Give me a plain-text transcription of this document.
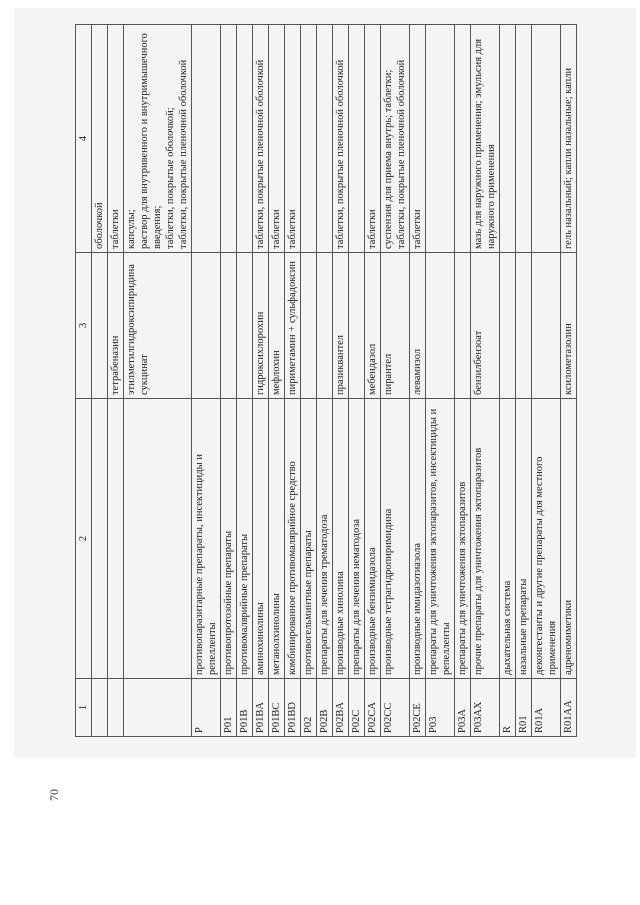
70
1	2	3	4

			оболочкой

		тетрабеназин	таблетки

		этилметилгидроксипиридина сукцинат	капсулы; раствор для внутривенного и внутримышечного введения; таблетки, покрытые оболочкой; таблетки, покрытые пленочной оболочкой

P	противопаразитарные препараты, инсектициды и репелленты		
P01	противопротозойные препараты		
P01B	противомалярийные препараты		
P01BA	аминохинолины	гидроксихлорохин	таблетки, покрытые пленочной оболочкой

P01BC	метанолхинолины	мефлохин	таблетки

P01BD	комбинированное противомалярийное средство	пириметамин + сульфадоксин	таблетки

P02	противогельминтные препараты		
P02B	препараты для лечения трематодоза		
P02BA	производные хинолина	празиквантел	таблетки, покрытые пленочной оболочкой

P02C	препараты для лечения нематодоза		
P02CA	производные бензимидазола	мебендазол	таблетки

P02CC	производные тетрагидропиримидина	пирантел	суспензия для приема внутрь; таблетки; таблетки, покрытые пленочной оболочкой

P02CE	производные имидазотиазола	левамизол	таблетки

P03	препараты для уничтожения эктопаразитов, инсектициды и репелленты		
P03A	препараты для уничтожения эктопаразитов		
P03AX	прочие препараты для уничтожения эктопаразитов	бензилбензоат	мазь для наружного применения; эмульсия для наружного применения

R	дыхательная система		
R01	назальные препараты		
R01A	деконгестанты и другие препараты для местного применения		
R01AA	адреномиметики	ксилометазолин	гель назальный; капли назальные; капли
